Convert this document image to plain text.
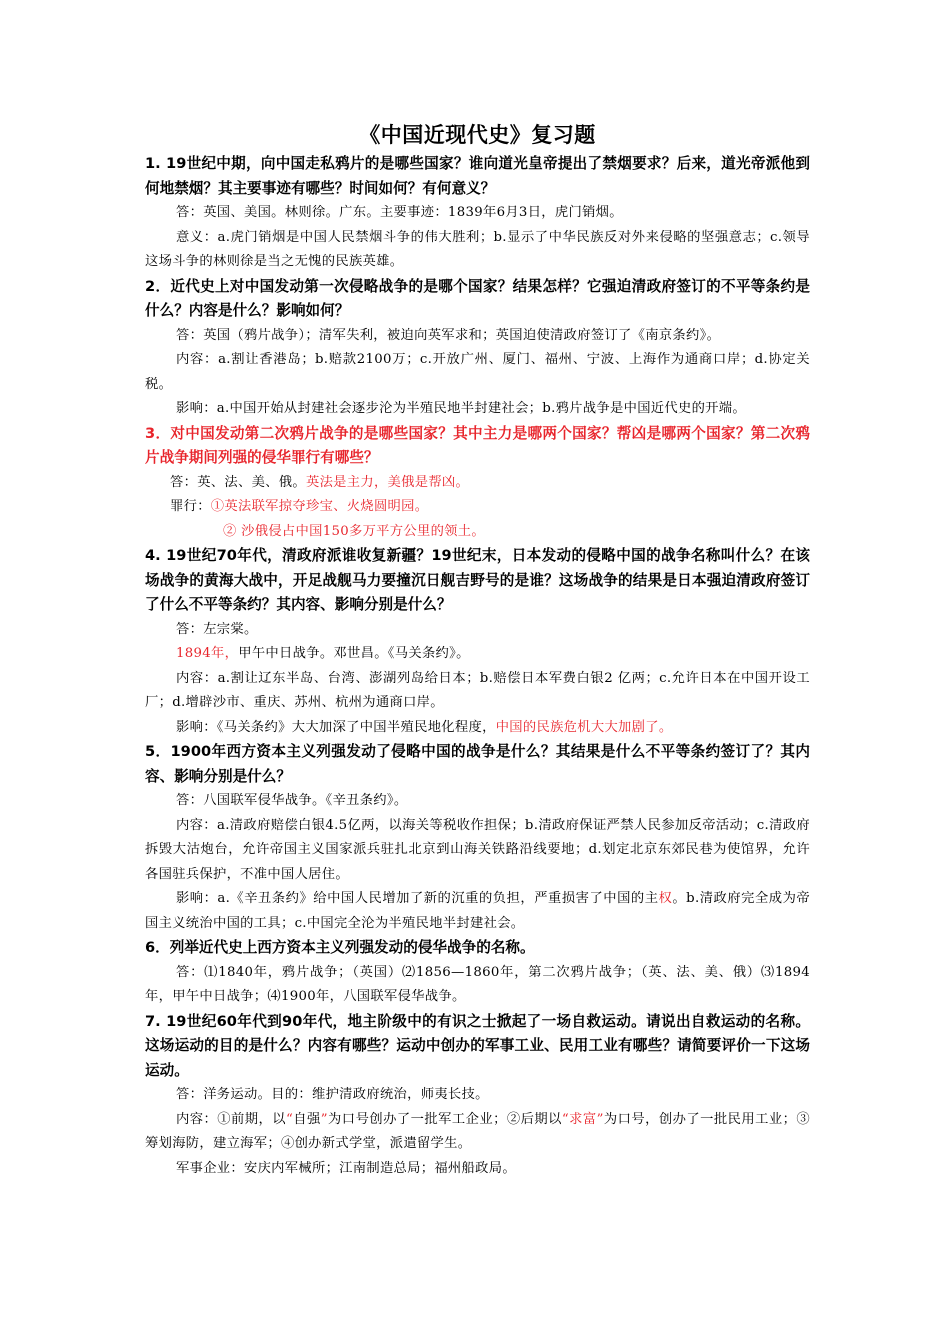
《中国近现代史》复习题

1. 19世纪中期，向中国走私鸦片的是哪些国家？谁向道光皇帝提出了禁烟要求？后来，道光帝派他到何地禁烟？其主要事迹有哪些？时间如何？有何意义？

答：英国、美国。林则徐。广东。主要事迹：1839年6月3日，虎门销烟。

意义：a.虎门销烟是中国人民禁烟斗争的伟大胜利；b.显示了中华民族反对外来侵略的坚强意志；c.领导这场斗争的林则徐是当之无愧的民族英雄。

2．近代史上对中国发动第一次侵略战争的是哪个国家？结果怎样？它强迫清政府签订的不平等条约是什么？内容是什么？影响如何？

答：英国（鸦片战争）；清军失利，被迫向英军求和；英国迫使清政府签订了《南京条约》。

内容：a.割让香港岛；b.赔款2100万；c.开放广州、厦门、福州、宁波、上海作为通商口岸；d.协定关税。

影响：a.中国开始从封建社会逐步沦为半殖民地半封建社会；b.鸦片战争是中国近代史的开端。

3．对中国发动第二次鸦片战争的是哪些国家？其中主力是哪两个国家？帮凶是哪两个国家？第二次鸦片战争期间列强的侵华罪行有哪些？

答：英、法、美、俄。英法是主力，美俄是帮凶。

罪行：①英法联军掠夺珍宝、火烧圆明园。

② 沙俄侵占中国150多万平方公里的领土。

4. 19世纪70年代，清政府派谁收复新疆？19世纪末，日本发动的侵略中国的战争名称叫什么？在该场战争的黄海大战中，开足战舰马力要撞沉日舰吉野号的是谁？这场战争的结果是日本强迫清政府签订了什么不平等条约？其内容、影响分别是什么？

答：左宗棠。

1894年，甲午中日战争。邓世昌。《马关条约》。

内容：a.割让辽东半岛、台湾、澎湖列岛给日本；b.赔偿日本军费白银2 亿两；c.允许日本在中国开设工厂；d.增辟沙市、重庆、苏州、杭州为通商口岸。

影响：《马关条约》大大加深了中国半殖民地化程度，中国的民族危机大大加剧了。

5．1900年西方资本主义列强发动了侵略中国的战争是什么？其结果是什么不平等条约签订了？其内容、影响分别是什么？

答：八国联军侵华战争。《辛丑条约》。

内容：a.清政府赔偿白银4.5亿两，以海关等税收作担保；b.清政府保证严禁人民参加反帝活动；c.清政府拆毁大沽炮台，允许帝国主义国家派兵驻扎北京到山海关铁路沿线要地；d.划定北京东郊民巷为使馆界，允许各国驻兵保护，不准中国人居住。

影响：a.《辛丑条约》给中国人民增加了新的沉重的负担，严重损害了中国的主权。b.清政府完全成为帝国主义统治中国的工具；c.中国完全沦为半殖民地半封建社会。

6．列举近代史上西方资本主义列强发动的侵华战争的名称。

答：⑴1840年，鸦片战争；（英国）⑵1856—1860年，第二次鸦片战争；（英、法、美、俄）⑶1894年，甲午中日战争；⑷1900年，八国联军侵华战争。

7. 19世纪60年代到90年代，地主阶级中的有识之士掀起了一场自救运动。请说出自救运动的名称。这场运动的目的是什么？内容有哪些？运动中创办的军事工业、民用工业有哪些？请简要评价一下这场运动。

答：洋务运动。目的：维护清政府统治，师夷长技。

内容：①前期，以“自强”为口号创办了一批军工企业；②后期以“求富”为口号，创办了一批民用工业；③筹划海防，建立海军；④创办新式学堂，派遣留学生。

军事企业：安庆内军械所；江南制造总局；福州船政局。
